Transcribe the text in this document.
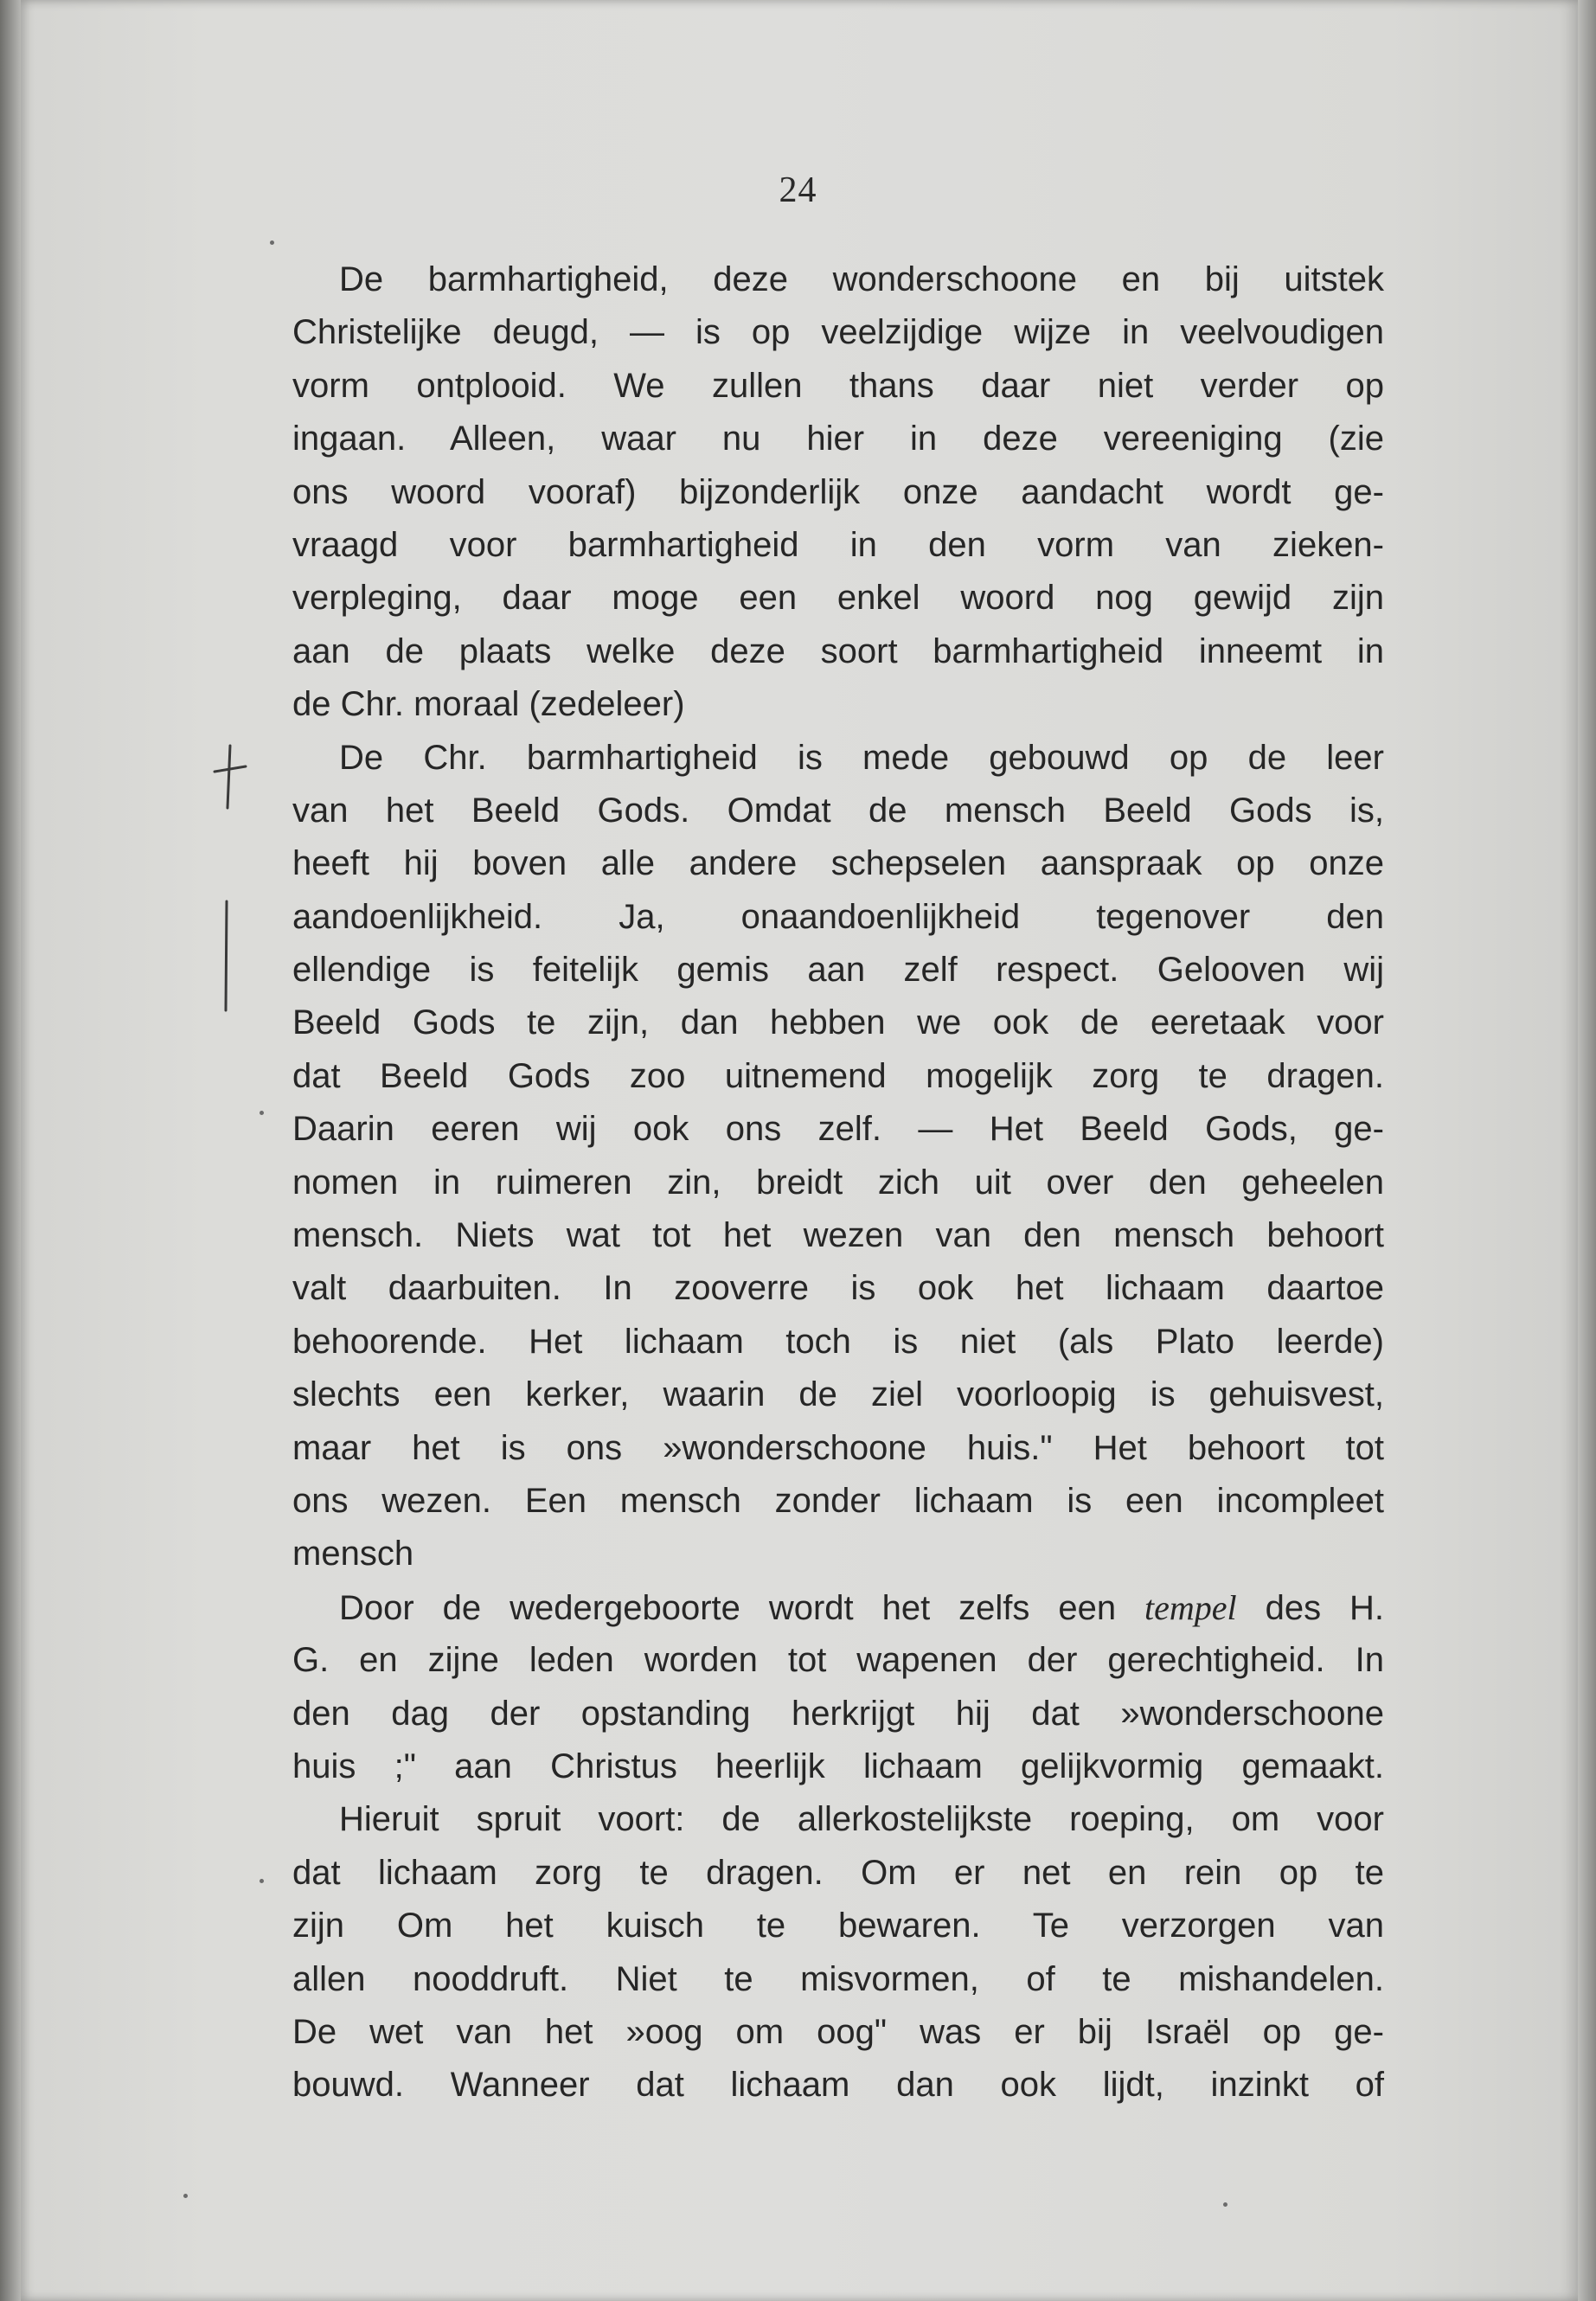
24
De barmhartigheid, deze wonderschoone en bij uitstek
Christelijke deugd, — is op veelzijdige wijze in veelvoudigen
vorm ontplooid. We zullen thans daar niet verder op
ingaan. Alleen, waar nu hier in deze vereeniging (zie
ons woord vooraf) bijzonderlijk onze aandacht wordt ge-
vraagd voor barmhartigheid in den vorm van zieken-
verpleging, daar moge een enkel woord nog gewijd zijn
aan de plaats welke deze soort barmhartigheid inneemt in
de Chr. moraal (zedeleer)
De Chr. barmhartigheid is mede gebouwd op de leer
van het Beeld Gods. Omdat de mensch Beeld Gods is,
heeft hij boven alle andere schepselen aanspraak op onze
aandoenlijkheid. Ja, onaandoenlijkheid tegenover den
ellendige is feitelijk gemis aan zelf respect. Gelooven wij
Beeld Gods te zijn, dan hebben we ook de eeretaak voor
dat Beeld Gods zoo uitnemend mogelijk zorg te dragen.
Daarin eeren wij ook ons zelf. — Het Beeld Gods, ge-
nomen in ruimeren zin, breidt zich uit over den geheelen
mensch. Niets wat tot het wezen van den mensch behoort
valt daarbuiten. In zooverre is ook het lichaam daartoe
behoorende. Het lichaam toch is niet (als Plato leerde)
slechts een kerker, waarin de ziel voorloopig is gehuisvest,
maar het is ons »wonderschoone huis." Het behoort tot
ons wezen. Een mensch zonder lichaam is een incompleet
mensch
Door de wedergeboorte wordt het zelfs een tempel des H.
G. en zijne leden worden tot wapenen der gerechtigheid. In
den dag der opstanding herkrijgt hij dat »wonderschoone
huis ;" aan Christus heerlijk lichaam gelijkvormig gemaakt.
Hieruit spruit voort: de allerkostelijkste roeping, om voor
dat lichaam zorg te dragen. Om er net en rein op te
zijn Om het kuisch te bewaren. Te verzorgen van
allen nooddruft. Niet te misvormen, of te mishandelen.
De wet van het »oog om oog" was er bij Israël op ge-
bouwd. Wanneer dat lichaam dan ook lijdt, inzinkt of
